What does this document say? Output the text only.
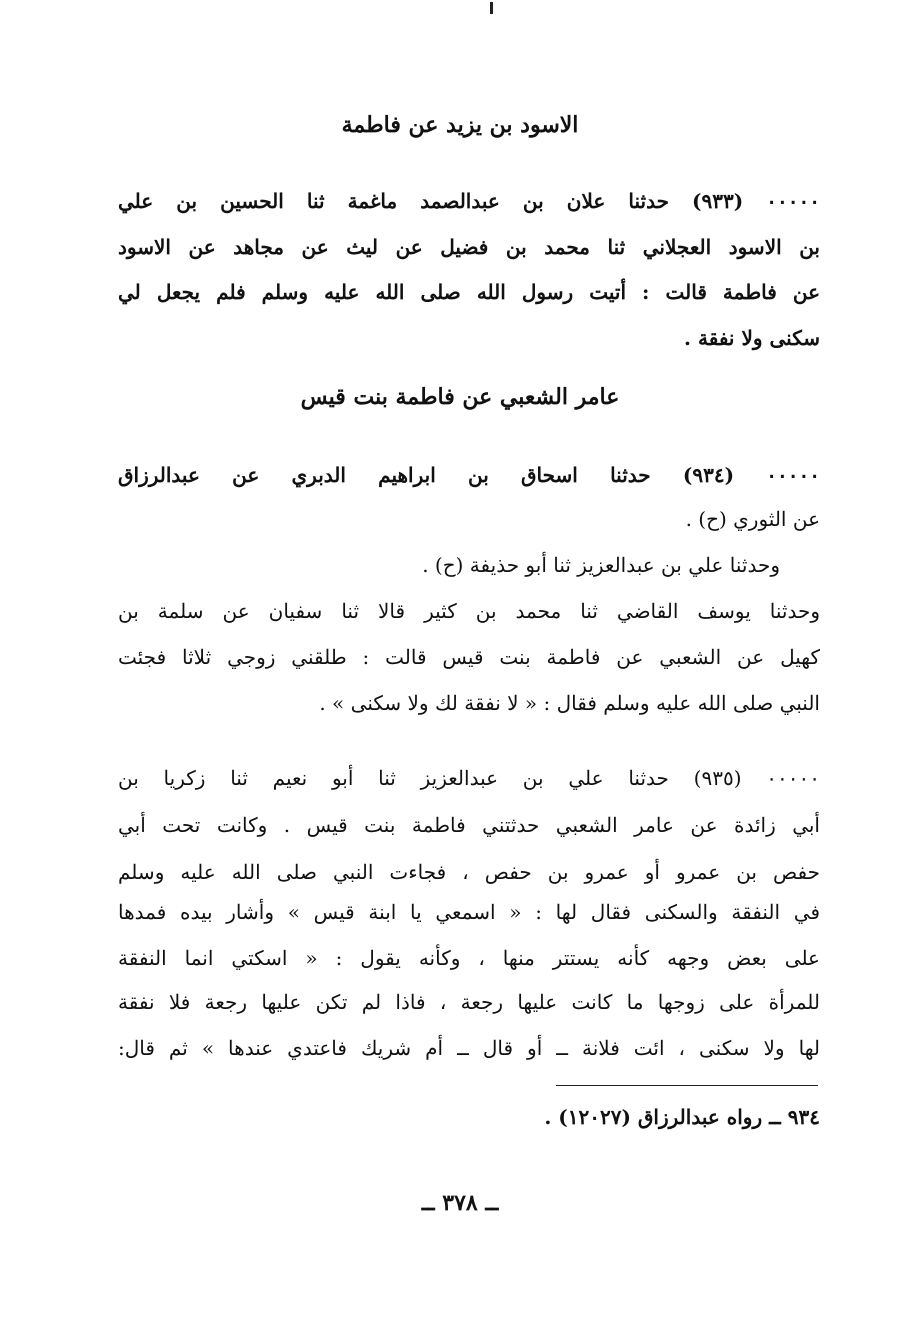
الاسود بن يزيد عن فاطمة
٠٠٠٠٠ (٩٣٣) حدثنا علان بن عبدالصمد ماغمة ثنا الحسين بن علي
بن الاسود العجلاني ثنا محمد بن فضيل عن ليث عن مجاهد عن الاسود
عن فاطمة قالت : أتيت رسول الله صلى الله عليه وسلم فلم يجعل لي
سكنى ولا نفقة .
عامر الشعبي عن فاطمة بنت قيس
٠٠٠٠٠ (٩٣٤) حدثنا اسحاق بن ابراهيم الدبري عن عبدالرزاق
عن الثوري (ح) .
وحدثنا علي بن عبدالعزيز ثنا أبو حذيفة (ح) .
وحدثنا يوسف القاضي ثنا محمد بن كثير قالا ثنا سفيان عن سلمة بن
كهيل عن الشعبي عن فاطمة بنت قيس قالت : طلقني زوجي ثلاثا فجئت
النبي صلى الله عليه وسلم فقال : « لا نفقة لك ولا سكنى » .
٠٠٠٠٠ (٩٣٥) حدثنا علي بن عبدالعزيز ثنا أبو نعيم ثنا زكريا بن
أبي زائدة عن عامر الشعبي حدثتني فاطمة بنت قيس . وكانت تحت أبي
حفص بن عمرو أو عمرو بن حفص ، فجاءت النبي صلى الله عليه وسلم
في النفقة والسكنى فقال لها : « اسمعي يا ابنة قيس » وأشار بيده فمدها
على بعض وجهه كأنه يستتر منها ، وكأنه يقول : « اسكتي انما النفقة
للمرأة على زوجها ما كانت عليها رجعة ، فاذا لم تكن عليها رجعة فلا نفقة
لها ولا سكنى ، ائت فلانة ــ أو قال ــ أم شريك فاعتدي عندها » ثم قال:
٩٣٤ ــ رواه عبدالرزاق (١٢٠٢٧) .
ــ ٣٧٨ ــ
